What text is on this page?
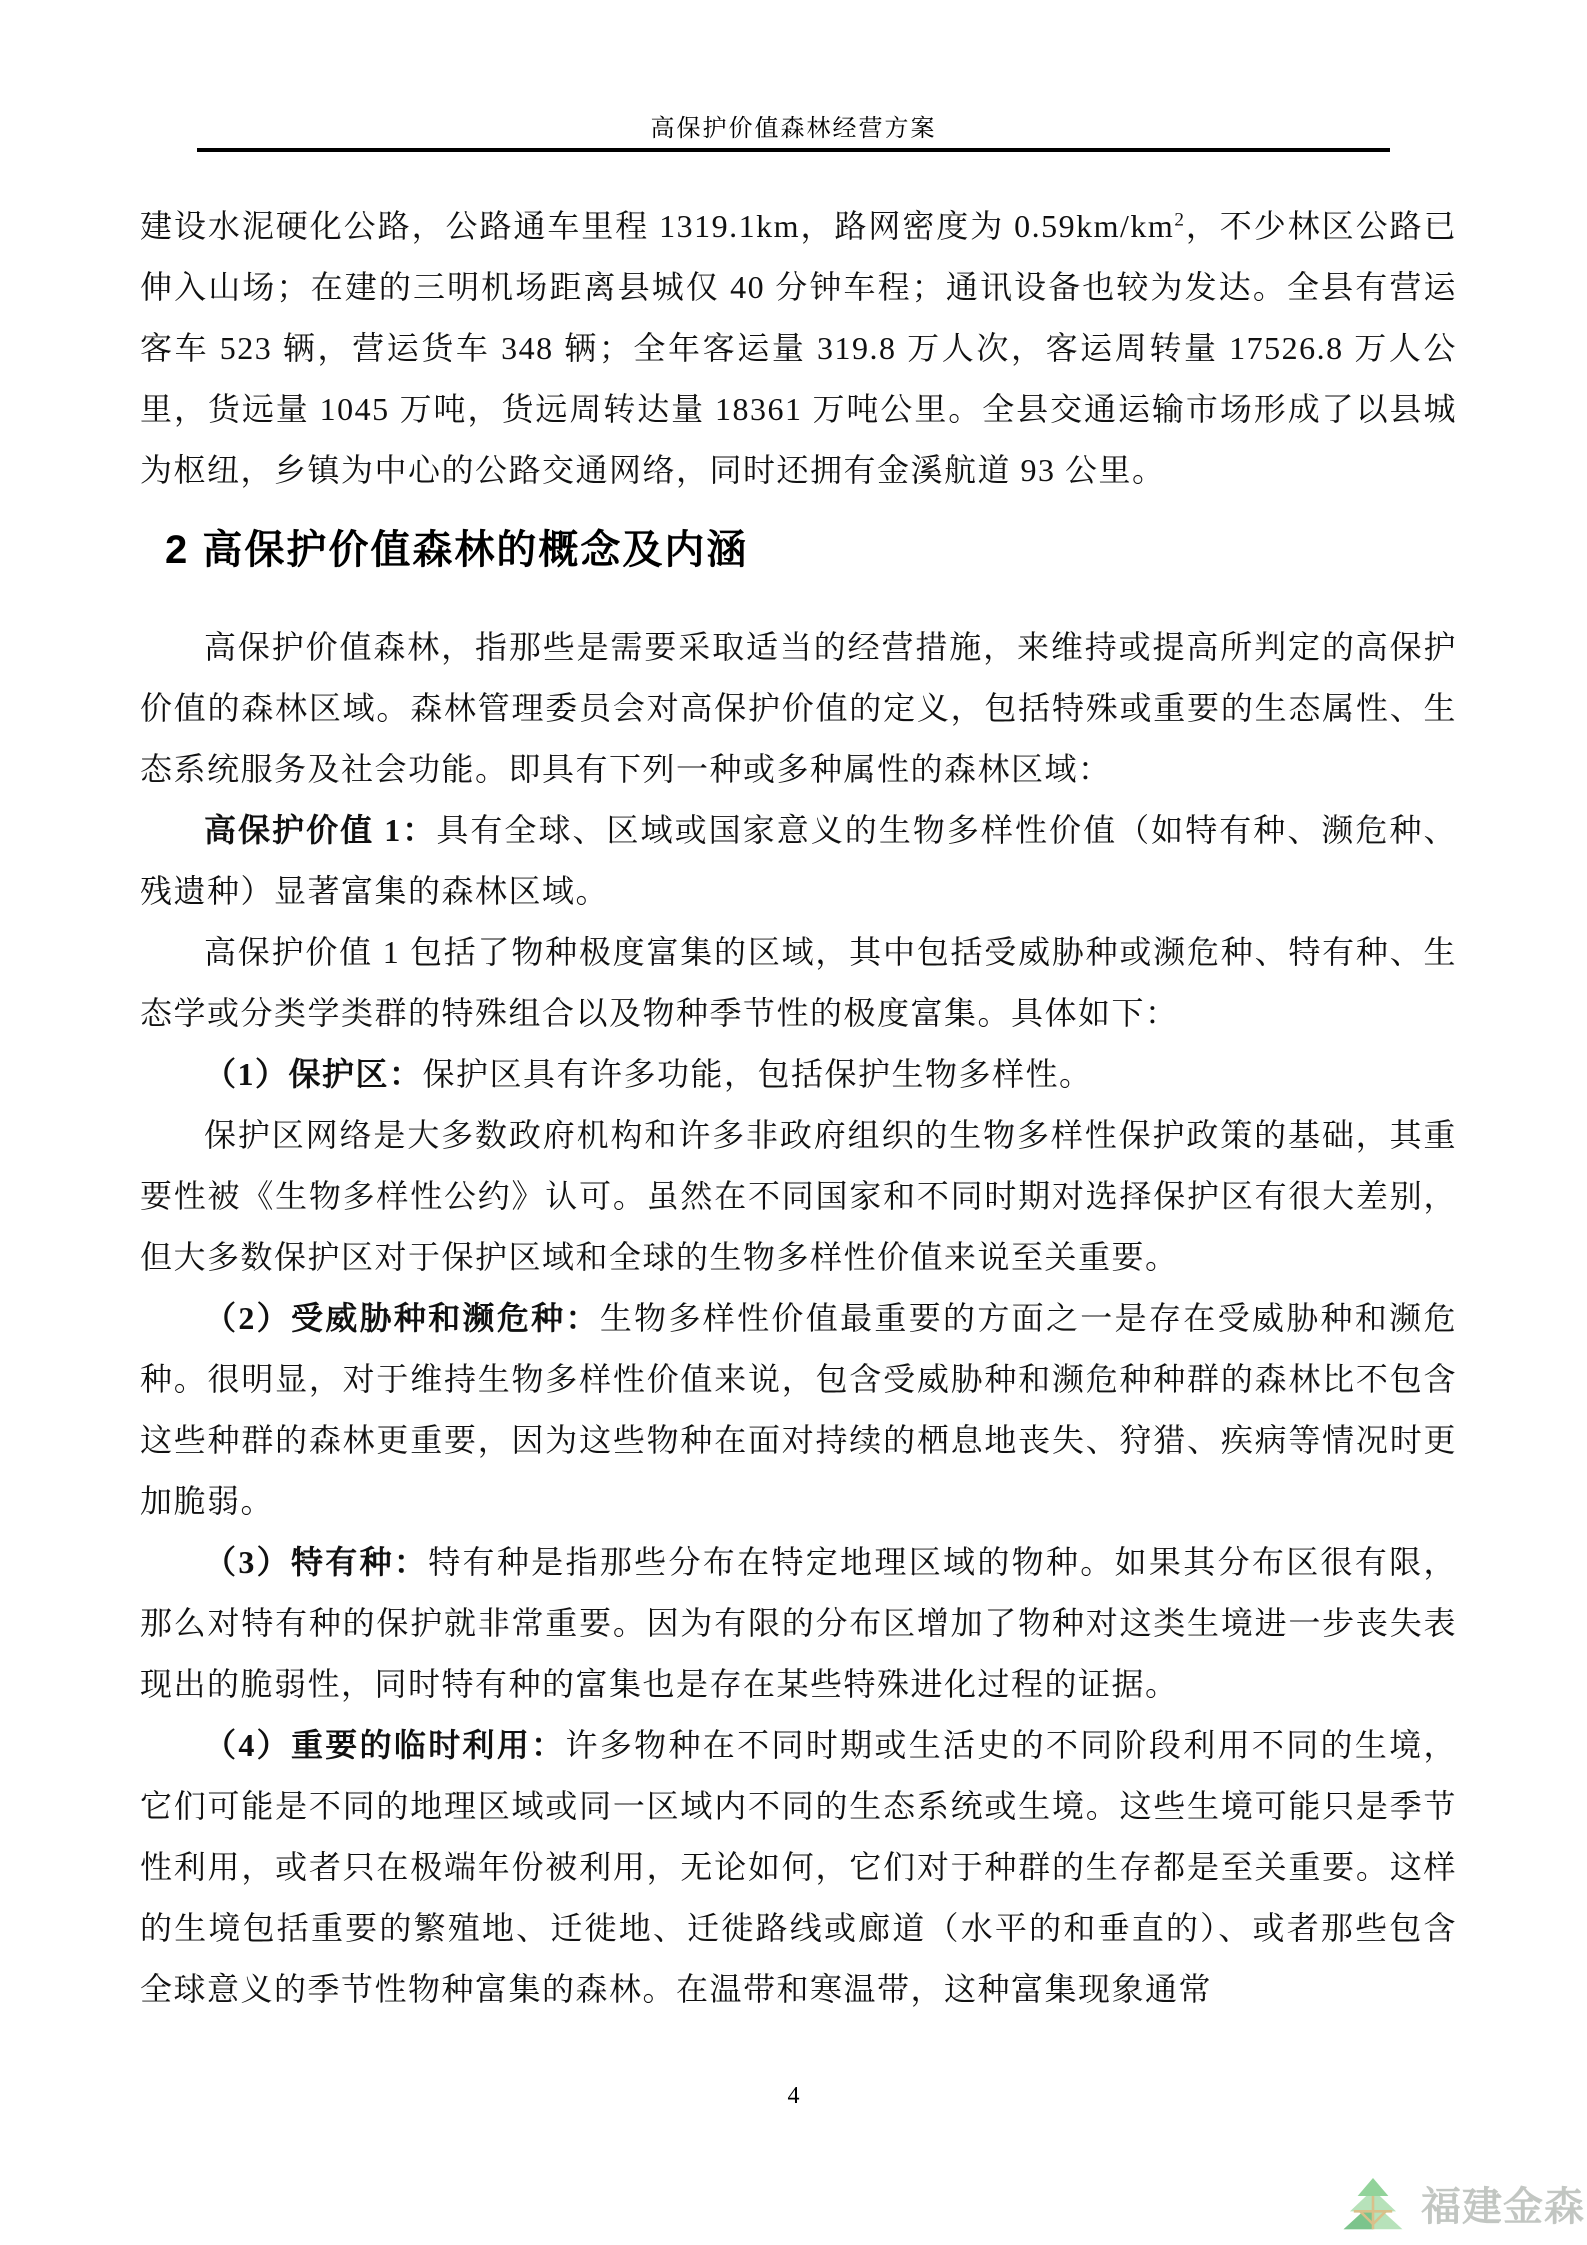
高保护价值森林经营方案

建设水泥硬化公路，公路通车里程 1319.1km，路网密度为 $0.59km/km^2$，不少林区公路已伸入山场；在建的三明机场距离县城仅 40 分钟车程；通讯设备也较为发达。全县有营运客车 523 辆，营运货车 348 辆；全年客运量 319.8 万人次，客运周转量 17526.8 万人公里，货远量 1045 万吨，货远周转达量 18361 万吨公里。全县交通运输市场形成了以县城为枢纽，乡镇为中心的公路交通网络，同时还拥有金溪航道 93 公里。

2 高保护价值森林的概念及内涵

高保护价值森林，指那些是需要采取适当的经营措施，来维持或提高所判定的高保护价值的森林区域。森林管理委员会对高保护价值的定义，包括特殊或重要的生态属性、生态系统服务及社会功能。即具有下列一种或多种属性的森林区域：

高保护价值 1：具有全球、区域或国家意义的生物多样性价值（如特有种、濒危种、残遗种）显著富集的森林区域。

高保护价值 1 包括了物种极度富集的区域，其中包括受威胁种或濒危种、特有种、生态学或分类学类群的特殊组合以及物种季节性的极度富集。具体如下：

（1）保护区：保护区具有许多功能，包括保护生物多样性。

保护区网络是大多数政府机构和许多非政府组织的生物多样性保护政策的基础，其重要性被《生物多样性公约》认可。虽然在不同国家和不同时期对选择保护区有很大差别，但大多数保护区对于保护区域和全球的生物多样性价值来说至关重要。

（2）受威胁种和濒危种：生物多样性价值最重要的方面之一是存在受威胁种和濒危种。很明显，对于维持生物多样性价值来说，包含受威胁种和濒危种种群的森林比不包含这些种群的森林更重要，因为这些物种在面对持续的栖息地丧失、狩猎、疾病等情况时更加脆弱。

（3）特有种：特有种是指那些分布在特定地理区域的物种。如果其分布区很有限，那么对特有种的保护就非常重要。因为有限的分布区增加了物种对这类生境进一步丧失表现出的脆弱性，同时特有种的富集也是存在某些特殊进化过程的证据。

（4）重要的临时利用：许多物种在不同时期或生活史的不同阶段利用不同的生境，它们可能是不同的地理区域或同一区域内不同的生态系统或生境。这些生境可能只是季节性利用，或者只在极端年份被利用，无论如何，它们对于种群的生存都是至关重要。这样的生境包括重要的繁殖地、迁徙地、迁徙路线或廊道（水平的和垂直的）、或者那些包含全球意义的季节性物种富集的森林。在温带和寒温带，这种富集现象通常

4
福建金森
